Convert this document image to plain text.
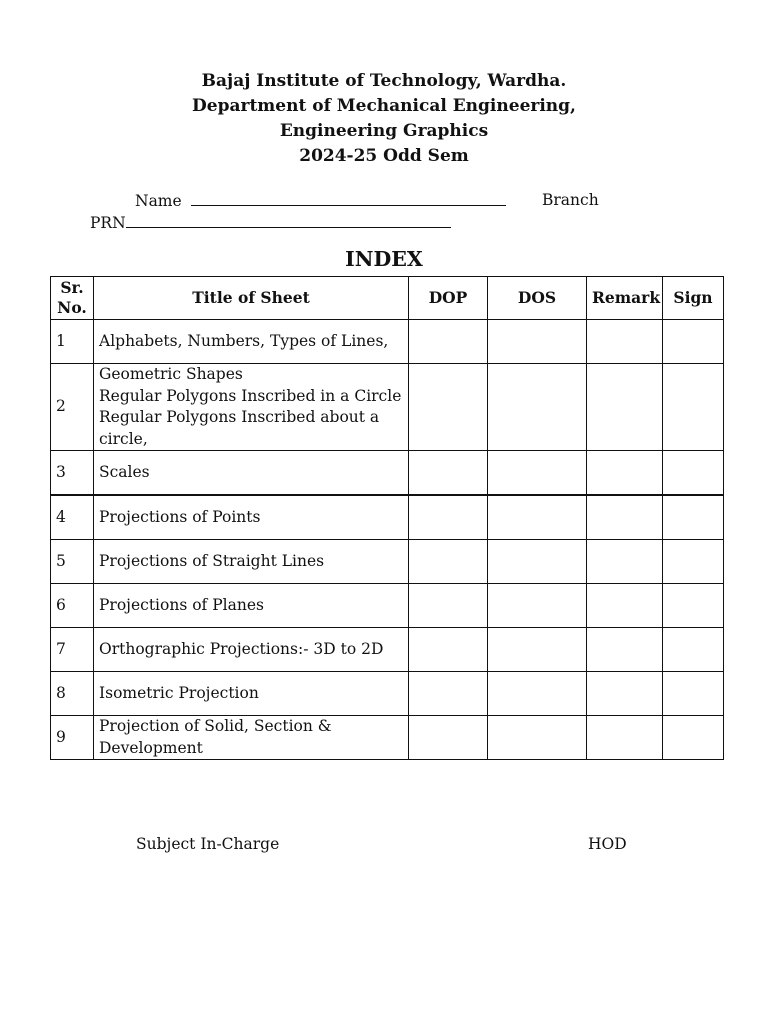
Bajaj Institute of Technology, Wardha.
Department of Mechanical Engineering,
Engineering Graphics
2024-25 Odd Sem
Name	Branch
PRN
INDEX
Sr.
No.	Title of Sheet	DOP	DOS	Remark	Sign
1	Alphabets, Numbers, Types of Lines,				

2	Geometric Shapes
Regular Polygons Inscribed in a Circle
Regular Polygons Inscribed about a
circle,				

3	Scales				

4	Projections of Points				

5	Projections of Straight Lines				

6	Projections of Planes				

7	Orthographic Projections:- 3D to 2D				

8	Isometric Projection				

9	Projection of Solid, Section &
Development				

Subject In-Charge	HOD
